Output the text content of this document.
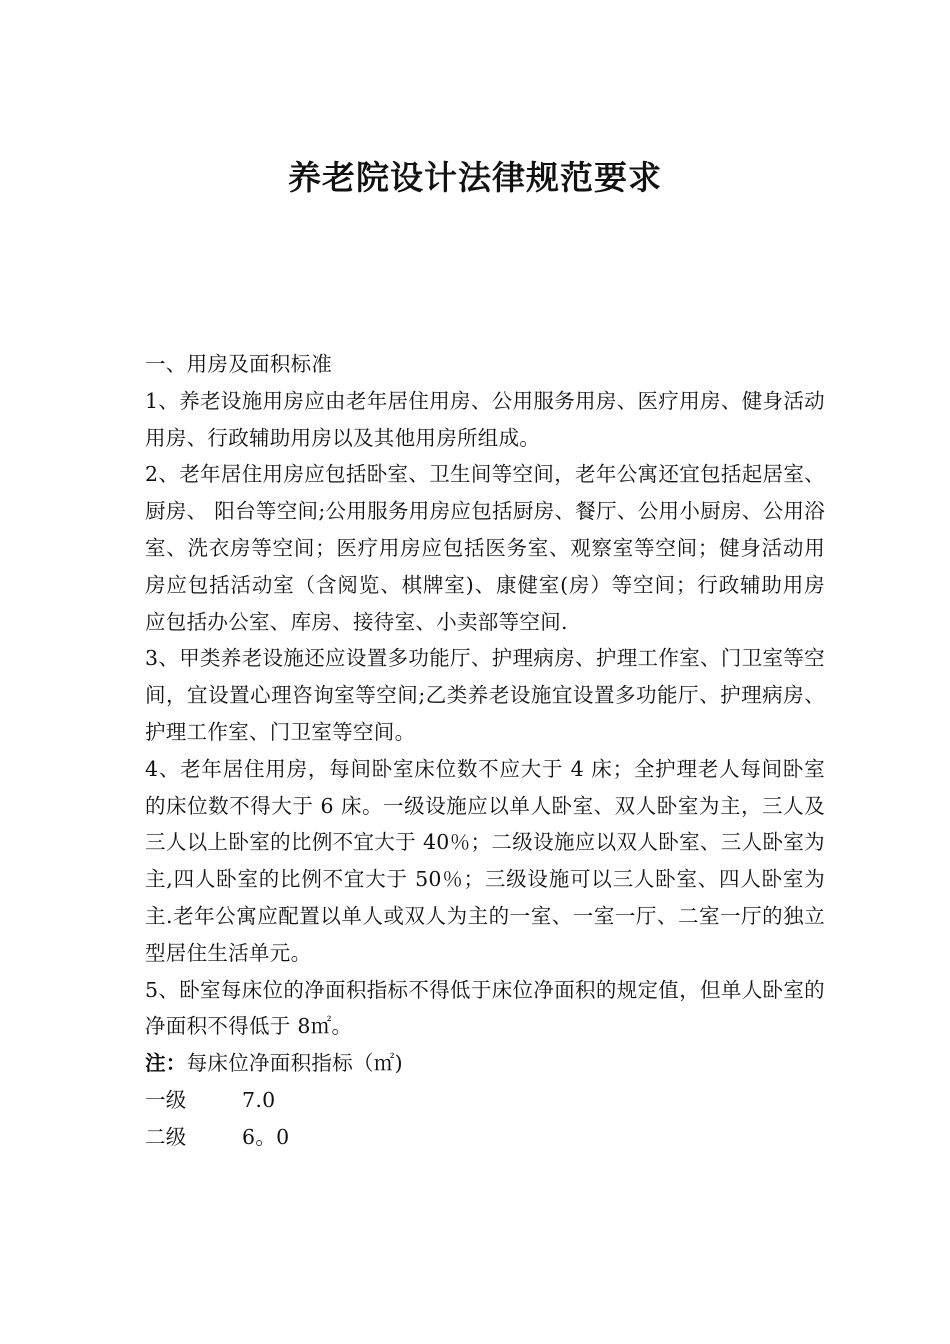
养老院设计法律规范要求

一、用房及面积标准

1、养老设施用房应由老年居住用房、公用服务用房、医疗用房、健身活动用房、行政辅助用房以及其他用房所组成。

2、老年居住用房应包括卧室、卫生间等空间，老年公寓还宜包括起居室、厨房、 阳台等空间;公用服务用房应包括厨房、餐厅、公用小厨房、公用浴室、洗衣房等空间；医疗用房应包括医务室、观察室等空间；健身活动用房应包括活动室（含阅览、棋牌室)、康健室(房）等空间；行政辅助用房应包括办公室、库房、接待室、小卖部等空间.

3、甲类养老设施还应设置多功能厅、护理病房、护理工作室、门卫室等空间，宜设置心理咨询室等空间;乙类养老设施宜设置多功能厅、护理病房、护理工作室、门卫室等空间。

4、老年居住用房，每间卧室床位数不应大于 4 床；全护理老人每间卧室的床位数不得大于 6 床。一级设施应以单人卧室、双人卧室为主，三人及三人以上卧室的比例不宜大于 40％；二级设施应以双人卧室、三人卧室为主,四人卧室的比例不宜大于 50％；三级设施可以三人卧室、四人卧室为主.老年公寓应配置以单人或双人为主的一室、一室一厅、二室一厅的独立型居住生活单元。

5、卧室每床位的净面积指标不得低于床位净面积的规定值，但单人卧室的净面积不得低于 8㎡。

注：每床位净面积指标（㎡)

一级	7.0
二级	6。0
